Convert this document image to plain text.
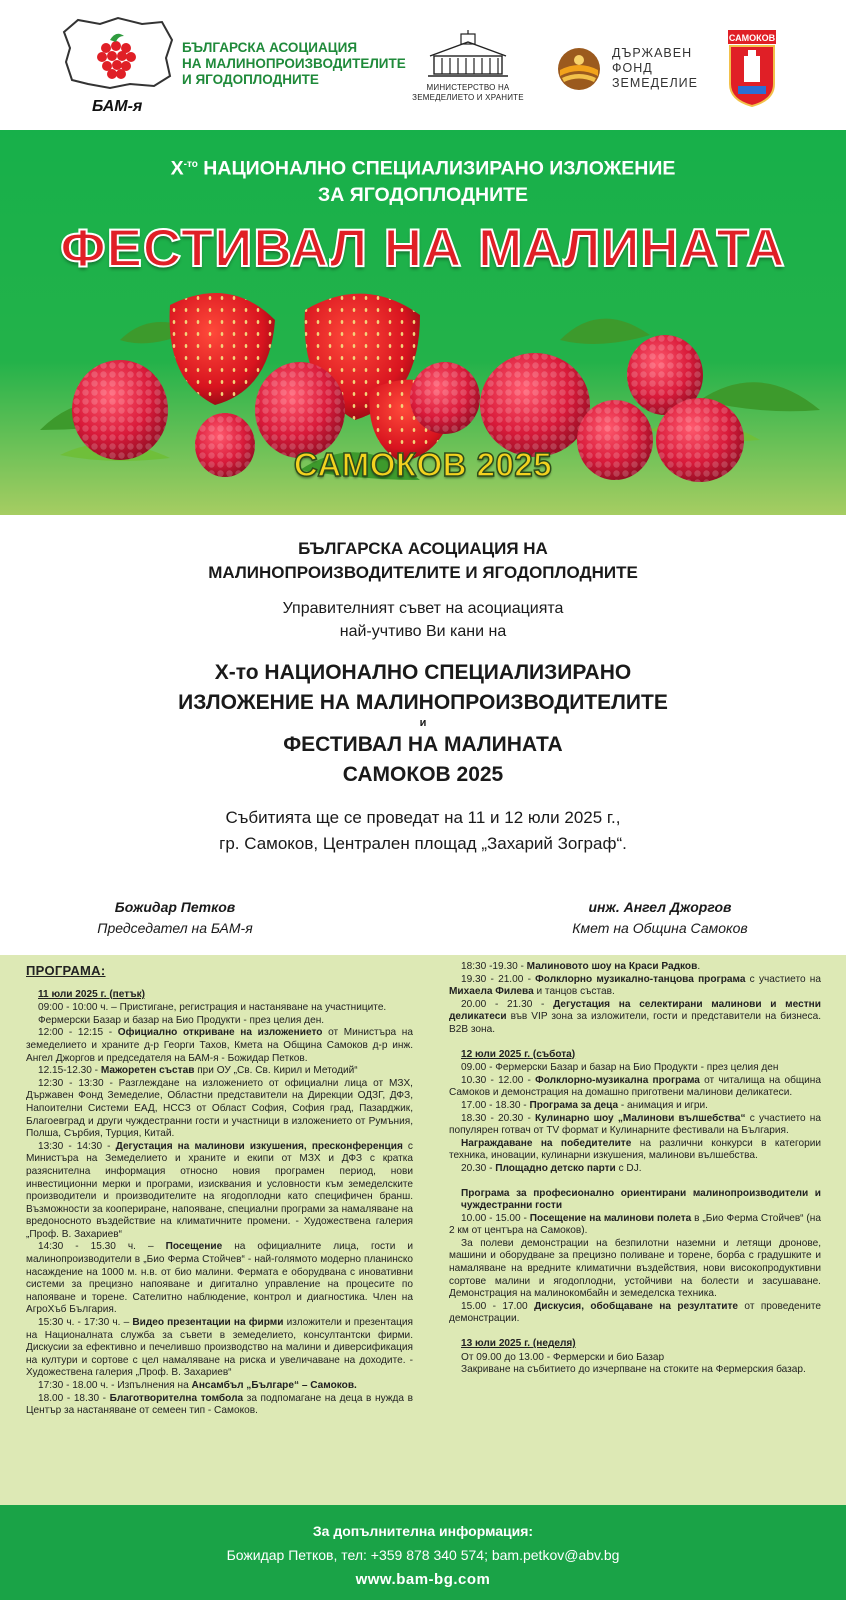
БАМ-я
БЪЛГАРСКА АСОЦИАЦИЯ
НА МАЛИНОПРОИЗВОДИТЕЛИТЕ
И ЯГОДОПЛОДНИТЕ
МИНИСТЕРСТВО НА
ЗЕМЕДЕЛИЕТО И ХРАНИТЕ
ДЪРЖАВЕН
ФОНД
ЗЕМЕДЕЛИЕ
САМОКОВ
$Х^{-то}$ НАЦИОНАЛНО СПЕЦИАЛИЗИРАНО ИЗЛОЖЕНИЕ
ЗА ЯГОДОПЛОДНИТЕ
ФЕСТИВАЛ НА МАЛИНАТА
САМОКОВ 2025
БЪЛГАРСКА АСОЦИАЦИЯ НА
МАЛИНОПРОИЗВОДИТЕЛИТЕ И ЯГОДОПЛОДНИТЕ
Управителният съвет на асоциацията
най-учтиво Ви кани на
Х-то НАЦИОНАЛНО СПЕЦИАЛИЗИРАНО
ИЗЛОЖЕНИЕ НА МАЛИНОПРОИЗВОДИТЕЛИТЕ
и
ФЕСТИВАЛ НА МАЛИНАТА
САМОКОВ 2025
Събитията ще се проведат на 11 и 12 юли 2025 г.,
гр. Самоков, Централен площад „Захарий Зограф“.
Божидар Петков
Председател на БАМ-я
инж. Ангел Джоргов
Кмет на Община Самоков
ПРОГРАМА:
11 юли 2025 г. (петък)

09:00 - 10:00 ч. – Пристигане, регистрация и настаняване на участниците.

Фермерски Базар и базар на Био Продукти - през целия ден.

12:00 - 12:15 - Официално откриване на изложението от Министъра на земеделието и храните д-р Георги Тахов, Кмета на Община Самоков д-р инж. Ангел Джоргов и председателя на БАМ-я - Божидар Петков.

12.15-12.30 - Мажоретен състав при ОУ „Св. Св. Кирил и Методий“

12:30 - 13:30 - Разглеждане на изложението от официални лица от МЗХ, Държавен Фонд Земеделие, Областни представители на Дирекции ОДЗГ, ДФЗ, Напоителни Системи ЕАД, НССЗ от Област София, София град, Пазарджик, Благоевград и други чуждестранни гости и участници в изложението от Румъния, Полша, Сърбия, Турция, Китай.

13:30 - 14:30 - Дегустация на малинови изкушения, пресконференция с Министъра на Земеделието и храните и екипи от МЗХ и ДФЗ с кратка разяснителна информация относно новия програмен период, нови инвестиционни мерки и програми, изисквания и условности към земеделските производители и производителите на ягодоплодни като специфичен бранш. Възможности за коопериране, напояване, специални програми за намаляване на вредоносното въздействие на климатичните промени. - Художествена галерия „Проф. В. Захариев“

14:30 - 15.30 ч. – Посещение на официалните лица, гости и малинопроизводители в „Био Ферма Стойчев“ - най-голямото модерно планинско насаждение на 1000 м. н.в. от био малини. Фермата е оборудвана с иновативни системи за прецизно напояване и дигитално управление на процесите по напояване и торене. Сателитно наблюдение, контрол и диагностика. Член на АгроХъб България.

15:30 ч. - 17:30 ч. – Видео презентации на фирми изложители и презентация на Националната служба за съвети в земеделието, консултантски фирми. Дискусии за ефективно и печелившо производство на малини и диверсификация на култури и сортове с цел намаляване на риска и увеличаване на доходите. - Художествена галерия „Проф. В. Захариев“

17:30 - 18.00 ч. - Изпълнения на Ансамбъл „Българе“ – Самоков.

18.00 - 18.30 - Благотворителна томбола за подпомагане на деца в нужда в Център за настаняване от семеен тип - Самоков.

18:30 -19.30 - Малиновото шоу на Краси Радков.

19.30 - 21.00 - Фолклорно музикално-танцова програма с участието на Михаела Филева и танцов състав.

20.00 - 21.30 - Дегустация на селектирани малинови и местни деликатеси във VIP зона за изложители, гости и представители на бизнеса. B2B зона.

12 юли 2025 г. (събота)

09.00 - Фермерски Базар и базар на Био Продукти - през целия ден

10.30 - 12.00 - Фолклорно-музикална програма от читалища на община Самоков и демонстрация на домашно приготвени малинови деликатеси.

17.00 - 18.30 - Програма за деца - анимация и игри.

18.30 - 20.30 - Кулинарно шоу „Малинови вълшебства“ с участието на популярен готвач от TV формат и Кулинарните фестивали на България.

Награждаване на победителите на различни конкурси в категории техника, иновации, кулинарни изкушения, малинови вълшебства.

20.30 - Площадно детско парти с DJ.

Програма за професионално ориентирани малинопроизводители и чуждестранни гости

10.00 - 15.00 - Посещение на малинови полета в „Био Ферма Стойчев“ (на 2 км от центъра на Самоков).

За полеви демонстрации на безпилотни наземни и летящи дронове, машини и оборудване за прецизно поливане и торене, борба с градушките и намаляване на вредните климатични въздействия, нови високопродуктивни сортове малини и ягодоплодни, устойчиви на болести и засушаване. Демонстрация на малинокомбайн и земеделска техника.

15.00 - 17.00 Дискусия, обобщаване на резултатите от проведените демонстрации.

13 юли 2025 г. (неделя)

От 09.00 до 13.00 - Фермерски и био Базар

Закриване на събитието до изчерпване на стоките на Фермерския базар.

За допълнителна информация:
Божидар Петков, тел: +359 878 340 574; bam.petkov@abv.bg
www.bam-bg.com
